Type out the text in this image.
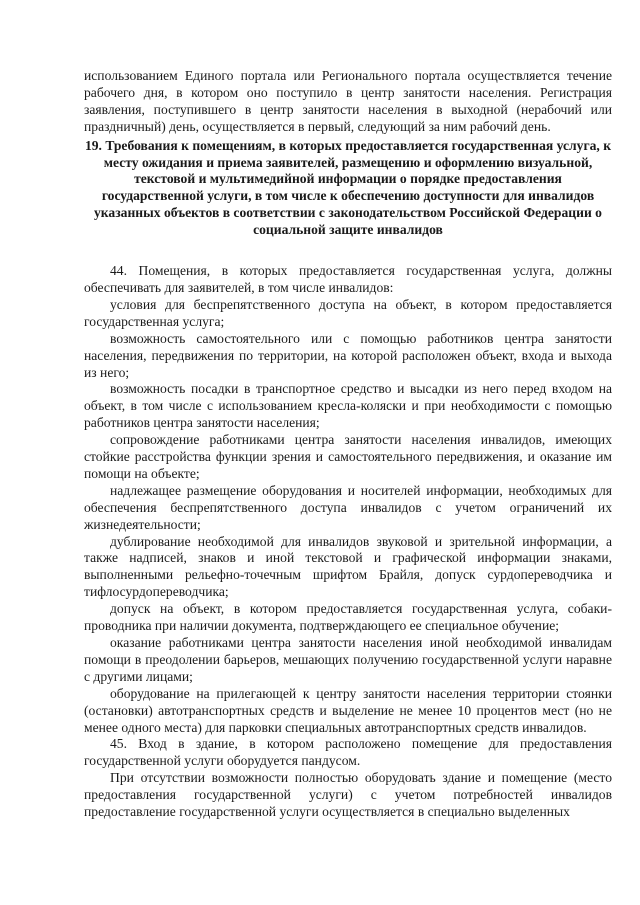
использованием Единого портала или Регионального портала осуществляется течение рабочего дня, в котором оно поступило в центр занятости населения. Регистрация заявления, поступившего в центр занятости населения в выходной (нерабочий или праздничный) день, осуществляется в первый, следующий за ним рабочий день.

19. Требования к помещениям, в которых предоставляется государственная услуга, к месту ожидания и приема заявителей, размещению и оформлению визуальной, текстовой и мультимедийной информации о порядке предоставления государственной услуги, в том числе к обеспечению доступности для инвалидов указанных объектов в соответствии с законодательством Российской Федерации о социальной защите инвалидов

44. Помещения, в которых предоставляется государственная услуга, должны обеспечивать для заявителей, в том числе инвалидов:

условия для беспрепятственного доступа на объект, в котором предоставляется государственная услуга;

возможность самостоятельного или с помощью работников центра занятости населения, передвижения по территории, на которой расположен объект, входа и выхода из него;

возможность посадки в транспортное средство и высадки из него перед входом на объект, в том числе с использованием кресла-коляски и при необходимости с помощью работников центра занятости населения;

сопровождение работниками центра занятости населения инвалидов, имеющих стойкие расстройства функции зрения и самостоятельного передвижения, и оказание им помощи на объекте;

надлежащее размещение оборудования и носителей информации, необходимых для обеспечения беспрепятственного доступа инвалидов с учетом ограничений их жизнедеятельности;

дублирование необходимой для инвалидов звуковой и зрительной информации, а также надписей, знаков и иной текстовой и графической информации знаками, выполненными рельефно-точечным шрифтом Брайля, допуск сурдопереводчика и тифлосурдопереводчика;

допуск на объект, в котором предоставляется государственная услуга, собаки-проводника при наличии документа, подтверждающего ее специальное обучение;

оказание работниками центра занятости населения иной необходимой инвалидам помощи в преодолении барьеров, мешающих получению государственной услуги наравне с другими лицами;

оборудование на прилегающей к центру занятости населения территории стоянки (остановки) автотранспортных средств и выделение не менее 10 процентов мест (но не менее одного места) для парковки специальных автотранспортных средств инвалидов.

45. Вход в здание, в котором расположено помещение для предоставления государственной услуги оборудуется пандусом.

При отсутствии возможности полностью оборудовать здание и помещение (место предоставления государственной услуги) с учетом потребностей инвалидов предоставление государственной услуги осуществляется в специально выделенных
